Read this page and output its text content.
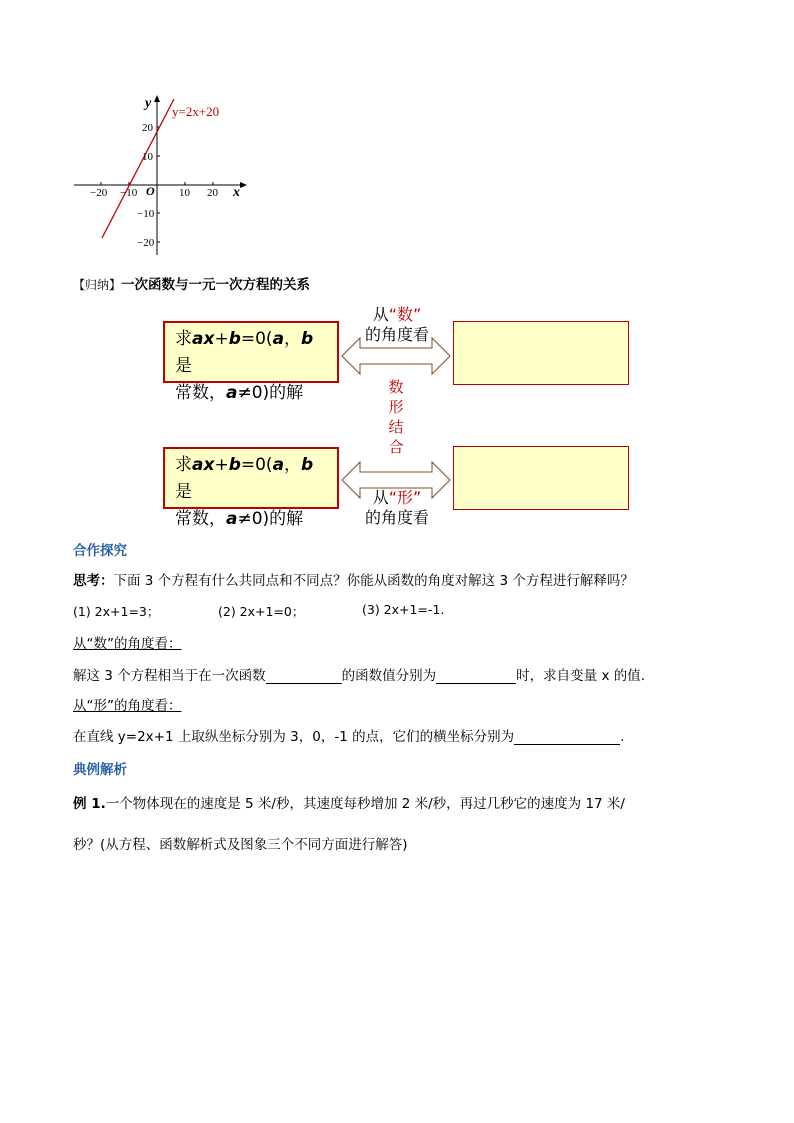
y=2x+20
x
y
O
−20 −10	10 20
20
10
−10
−20
【归纳】一次函数与一元一次方程的关系
求ax+b=0(a，b是
常数，a≠0)的解
求ax+b=0(a，b是
常数，a≠0)的解
从“数”
的角度看
从“形”
的角度看
数
形
结
合
合作探究
思考：下面 3 个方程有什么共同点和不同点？你能从函数的角度对解这 3 个方程进行解释吗？
(1) 2x+1=3；	(2) 2x+1=0；	(3) 2x+1=-1.
从“数”的角度看：
解这 3 个方程相当于在一次函数	的函数值分别为	时，求自变量 x 的值.
从“形”的角度看：
在直线 y=2x+1 上取纵坐标分别为 3，0，-1 的点，它们的横坐标分别为	.
典例解析
例 1.一个物体现在的速度是 5 米/秒，其速度每秒增加 2 米/秒，再过几秒它的速度为 17 米/
秒？(从方程、函数解析式及图象三个不同方面进行解答)
